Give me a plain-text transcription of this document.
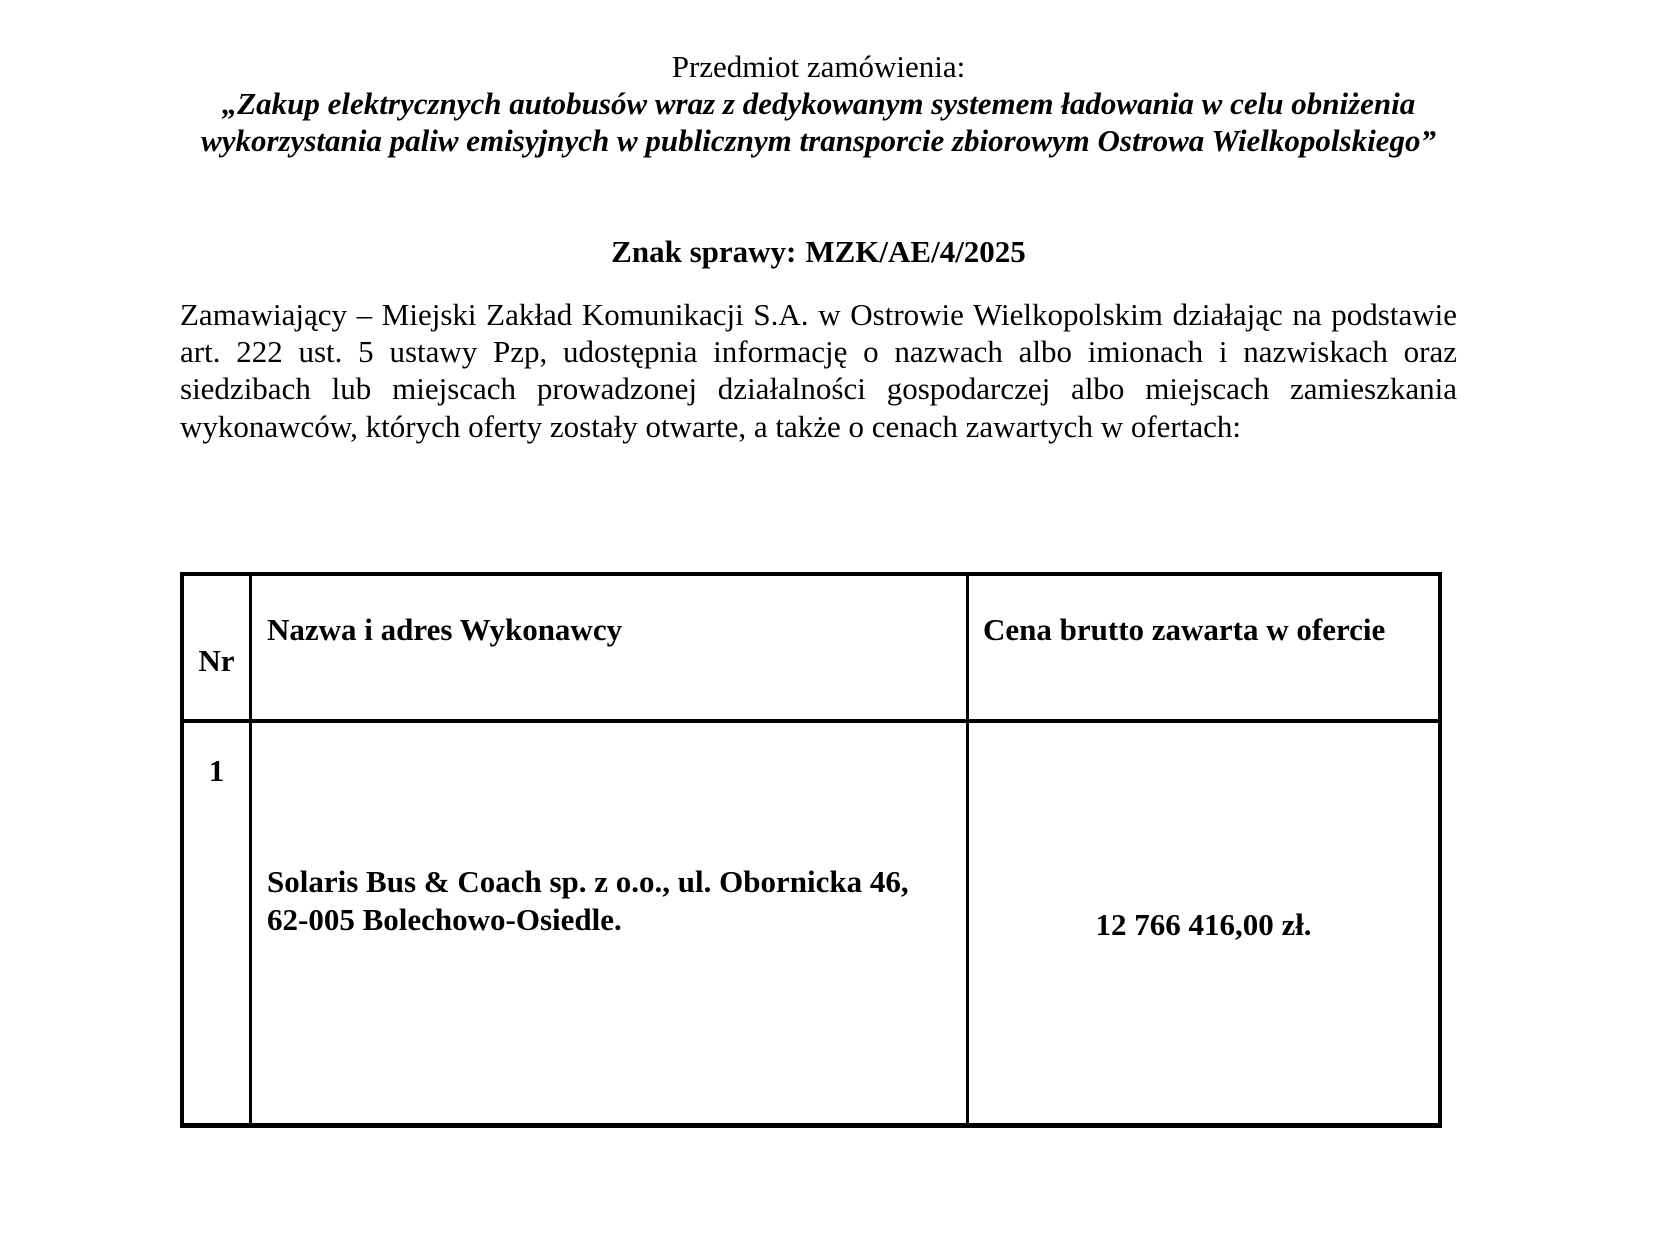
Przedmiot zamówienia:
„Zakup elektrycznych autobusów wraz z dedykowanym systemem ładowania w celu obniżenia wykorzystania paliw emisyjnych w publicznym transporcie zbiorowym Ostrowa Wielkopolskiego”
Znak sprawy: MZK/AE/4/2025

Zamawiający – Miejski Zakład Komunikacji S.A. w Ostrowie Wielkopolskim działając na podstawie art. 222 ust. 5 ustawy Pzp, udostępnia informację o nazwach albo imionach i nazwiskach oraz siedzibach lub miejscach prowadzonej działalności gospodarczej albo miejscach zamieszkania wykonawców, których oferty zostały otwarte, a także o cenach zawartych w ofertach:

Nr
Nazwa i adres Wykonawcy	Cena brutto zawarta w ofercie
1
Solaris Bus & Coach sp. z o.o., ul. Obornicka 46, 62-005 Bolechowo-Osiedle.	12 766 416,00 zł.
